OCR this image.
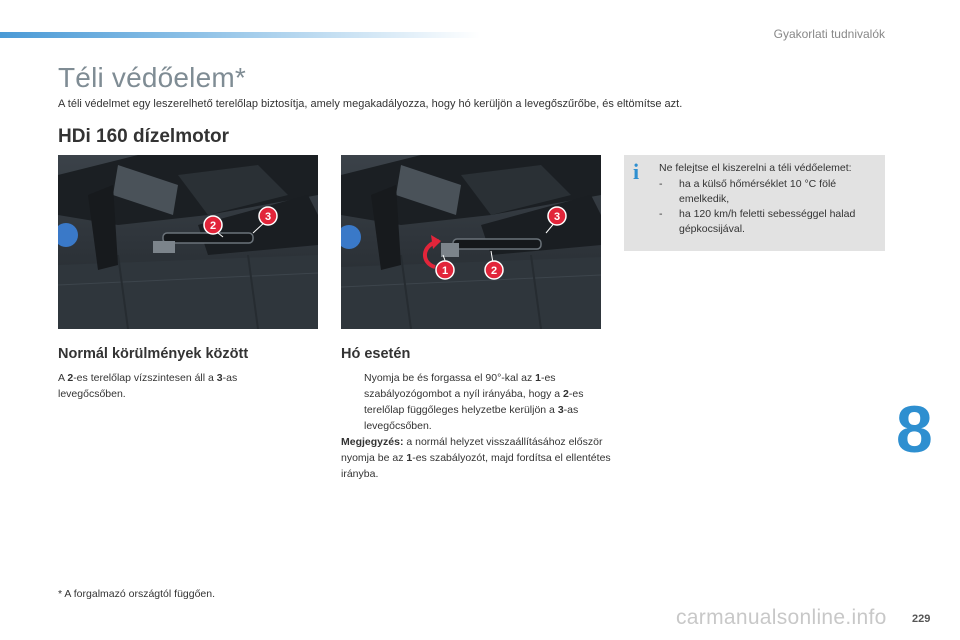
Gyakorlati tudnivalók
Téli védőelem*
A téli védelmet egy leszerelhető terelőlap biztosítja, amely megakadályozza, hogy hó kerüljön a levegőszűrőbe, és eltömítse azt.
HDi 160 dízelmotor
2
3
1	2
3
i	Ne felejtse el kiszerelni a téli védőelemet:
- ha a külső hőmérséklet 10 °C fölé emelkedik,
- ha 120 km/h feletti sebességgel halad gépkocsijával.
Normál körülmények között
A 2-es terelőlap vízszintesen áll a 3-as levegőcsőben.
Hó esetén
Nyomja be és forgassa el 90°-kal az 1-es szabályozógombot a nyíl irányába, hogy a 2-es terelőlap függőleges helyzetbe kerüljön a 3-as levegőcsőben.
Megjegyzés: a normál helyzet visszaállításához először nyomja be az 1-es szabályozót, majd fordítsa el ellentétes irányba.
* A forgalmazó országtól függően.
8
carmanualsonline.info 229
